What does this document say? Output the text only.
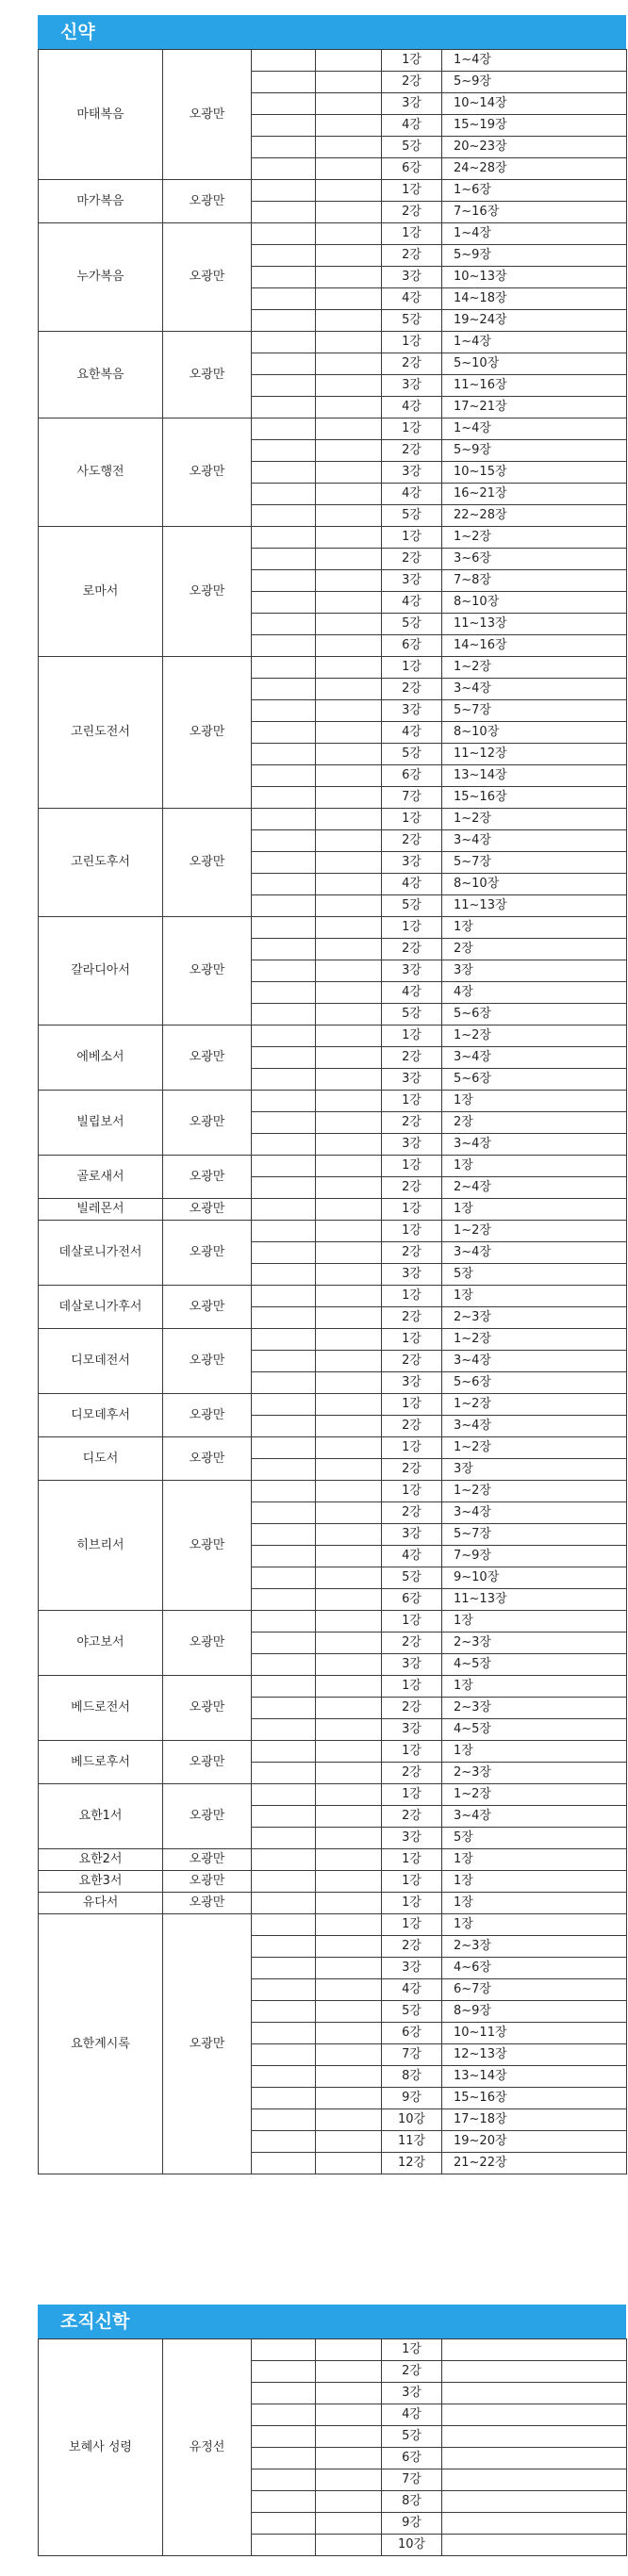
신약
마태복음	오광만			1강	1~4장
				2강	5~9장
				3강	10~14장
				4강	15~19장
				5강	20~23장
				6강	24~28장
마가복음	오광만			1강	1~6장
				2강	7~16장
누가복음	오광만			1강	1~4장
				2강	5~9장
				3강	10~13장
				4강	14~18장
				5강	19~24장
요한복음	오광만			1강	1~4장
				2강	5~10장
				3강	11~16장
				4강	17~21장
사도행전	오광만			1강	1~4장
				2강	5~9장
				3강	10~15장
				4강	16~21장
				5강	22~28장
로마서	오광만			1강	1~2장
				2강	3~6장
				3강	7~8장
				4강	8~10장
				5강	11~13장
				6강	14~16장
고린도전서	오광만			1강	1~2장
				2강	3~4장
				3강	5~7장
				4강	8~10장
				5강	11~12장
				6강	13~14장
				7강	15~16장
고린도후서	오광만			1강	1~2장
				2강	3~4장
				3강	5~7장
				4강	8~10장
				5강	11~13장
갈라디아서	오광만			1강	1장
				2강	2장
				3강	3장
				4강	4장
				5강	5~6장
에베소서	오광만			1강	1~2장
				2강	3~4장
				3강	5~6장
빌립보서	오광만			1강	1장
				2강	2장
				3강	3~4장
골로새서	오광만			1강	1장
				2강	2~4장
빌레몬서	오광만			1강	1장
데살로니가전서	오광만			1강	1~2장
				2강	3~4장
				3강	5장
데살로니가후서	오광만			1강	1장
				2강	2~3장
디모데전서	오광만			1강	1~2장
				2강	3~4장
				3강	5~6장
디모데후서	오광만			1강	1~2장
				2강	3~4장
디도서	오광만			1강	1~2장
				2강	3장
히브리서	오광만			1강	1~2장
				2강	3~4장
				3강	5~7장
				4강	7~9장
				5강	9~10장
				6강	11~13장
야고보서	오광만			1강	1장
				2강	2~3장
				3강	4~5장
베드로전서	오광만			1강	1장
				2강	2~3장
				3강	4~5장
베드로후서	오광만			1강	1장
				2강	2~3장
요한1서	오광만			1강	1~2장
				2강	3~4장
				3강	5장
요한2서	오광만			1강	1장
요한3서	오광만			1강	1장
유다서	오광만			1강	1장
요한계시록	오광만			1강	1장
				2강	2~3장
				3강	4~6장
				4강	6~7장
				5강	8~9장
				6강	10~11장
				7강	12~13장
				8강	13~14장
				9강	15~16장
				10강	17~18장
				11강	19~20장
				12강	21~22장
조직신학
보혜사 성령	유정선			1강	
				2강	
				3강	
				4강	
				5강	
				6강	
				7강	
				8강	
				9강	
				10강	
